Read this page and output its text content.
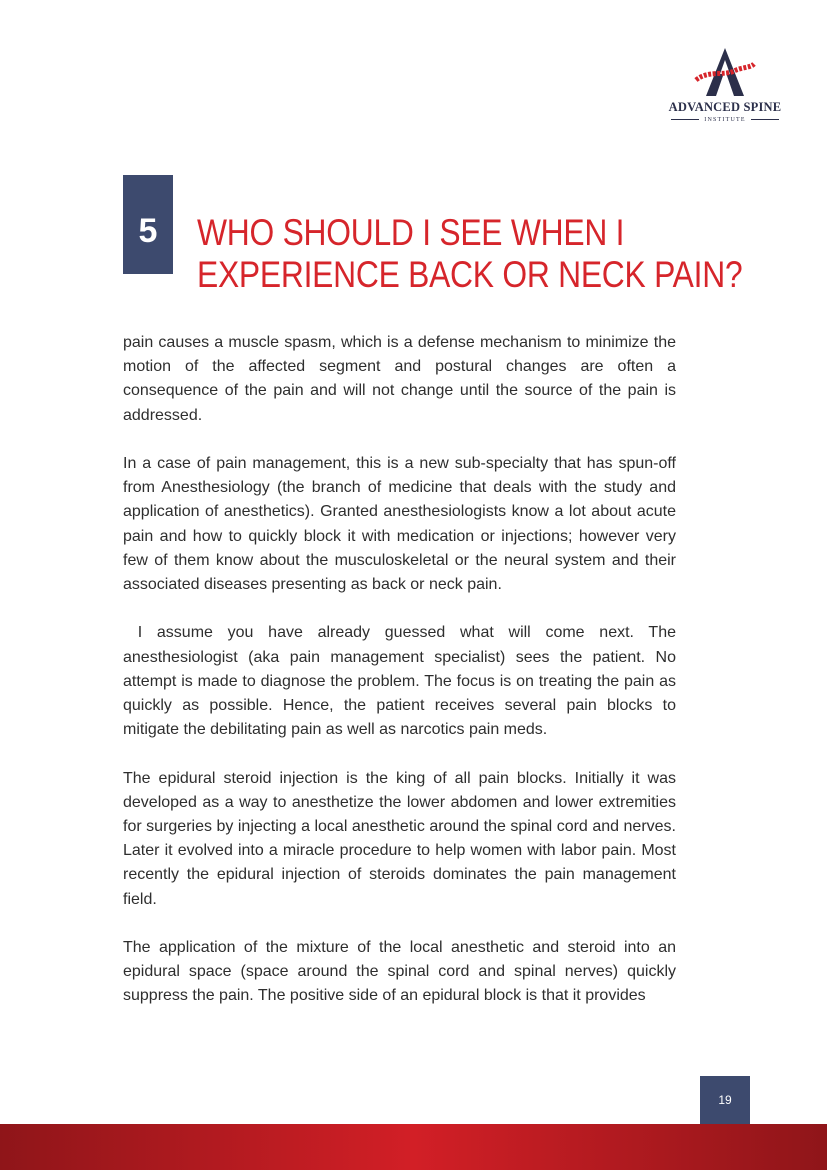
ADVANCED SPINE
INSTITUTE
5	WHO SHOULD I SEE WHEN I
EXPERIENCE BACK OR NECK PAIN?

pain causes a muscle spasm, which is a defense mechanism to minimize the motion of the affected segment and postural changes are often a consequence of the pain and will not change until the source of the pain is addressed.

In a case of pain management, this is a new sub-specialty that has spun-off from Anesthesiology (the branch of medicine that deals with the study and application of anesthetics). Granted anesthesiologists know a lot about acute pain and how to quickly block it with medication or injections; however very few of them know about the musculoskeletal or the neural system and their associated diseases presenting as back or neck pain.

I assume you have already guessed what will come next. The anesthesiologist (aka pain management specialist) sees the patient. No attempt is made to diagnose the problem. The focus is on treating the pain as quickly as possible. Hence, the patient receives several pain blocks to mitigate the debilitating pain as well as narcotics pain meds.

The epidural steroid injection is the king of all pain blocks. Initially it was developed as a way to anesthetize the lower abdomen and lower extremities for surgeries by injecting a local anesthetic around the spinal cord and nerves. Later it evolved into a miracle procedure to help women with labor pain. Most recently the epidural injection of steroids dominates the pain management field.

The application of the mixture of the local anesthetic and steroid into an epidural space (space around the spinal cord and spinal nerves) quickly suppress the pain. The positive side of an epidural block is that it provides

19
